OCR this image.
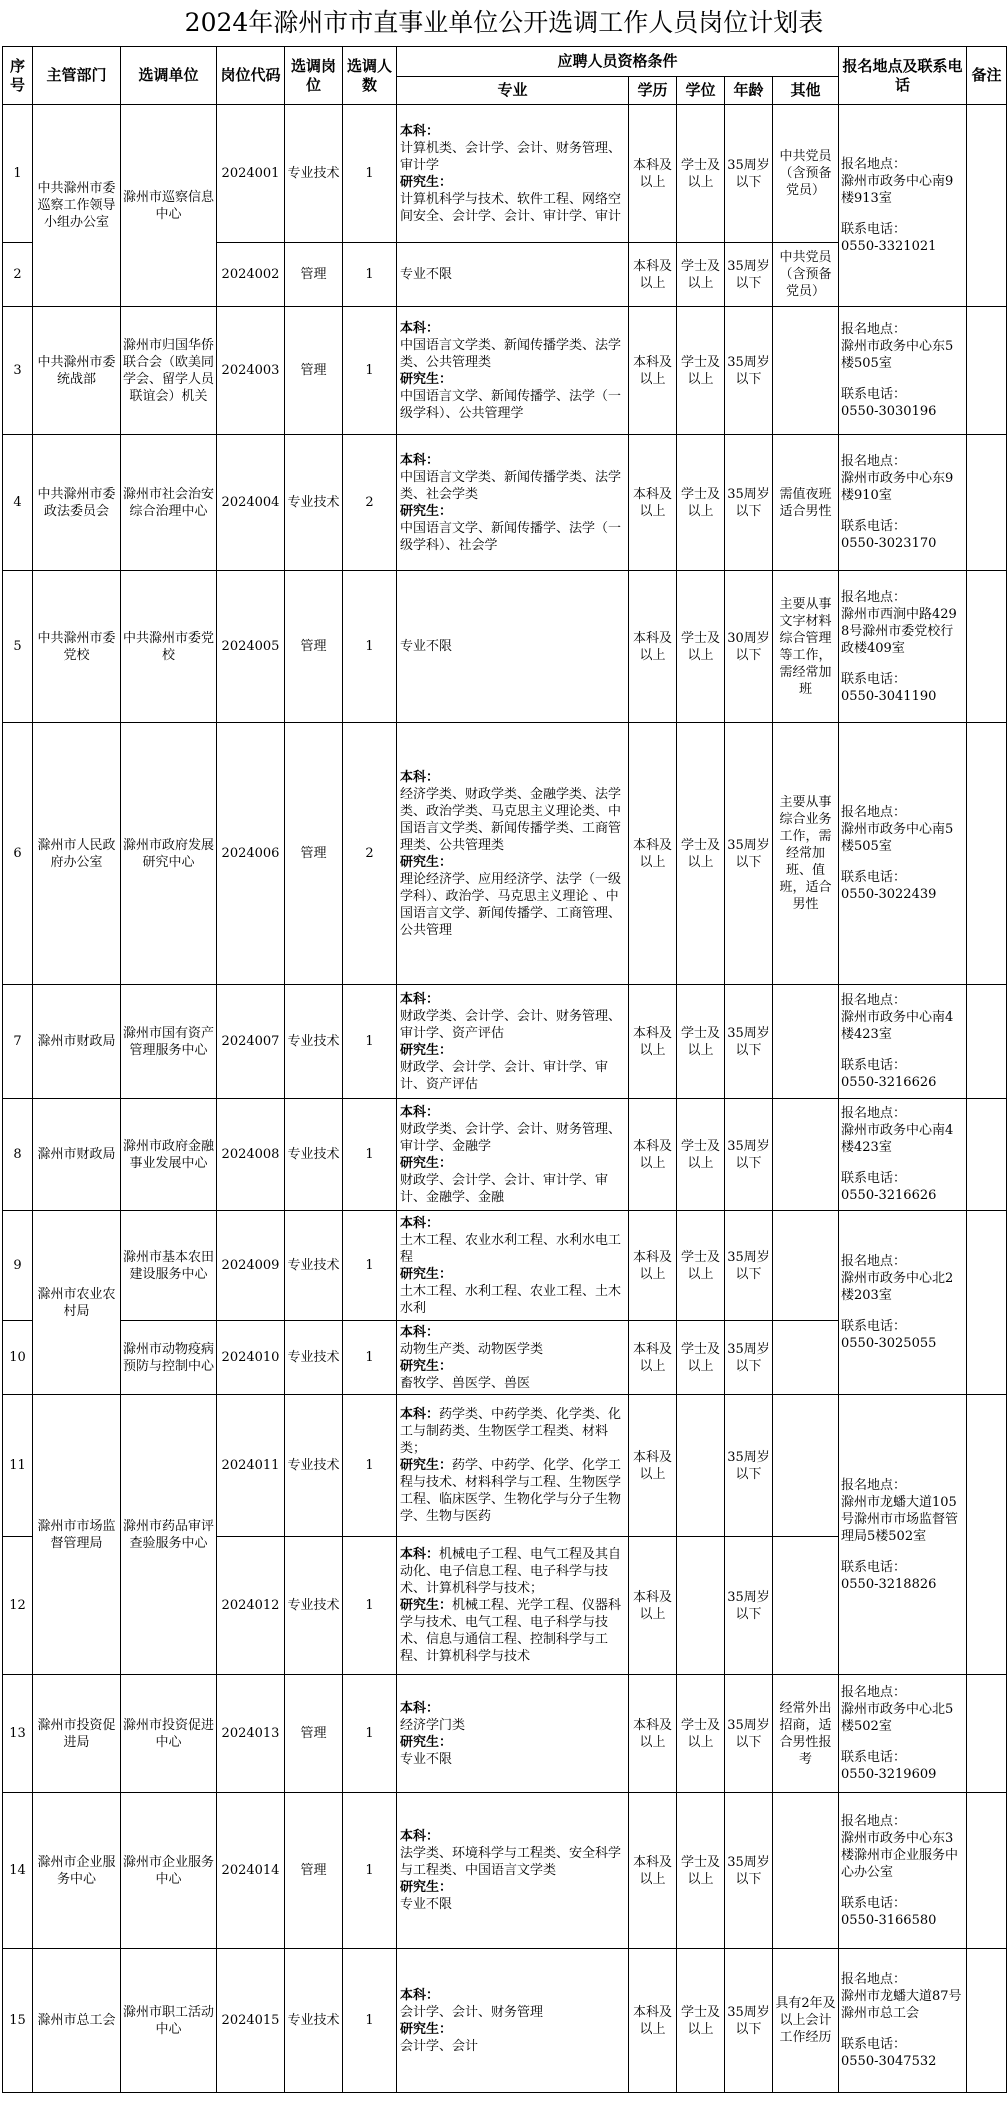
2024年滁州市市直事业单位公开选调工作人员岗位计划表
序号	主管部门	选调单位	岗位代码	选调岗位	选调人数	应聘人员资格条件					报名地点及联系电话	备注
						专业	学历	学位	年龄	其他		
1	中共滁州市委巡察工作领导小组办公室	滁州市巡察信息中心	2024001	专业技术	1	本科：
计算机类、会计学、会计、财务管理、审计学
研究生：
计算机科学与技术、软件工程、网络空间安全、会计学、会计、审计学、审计	本科及以上	学士及以上	35周岁以下	中共党员（含预备党员）	报名地点：
滁州市政务中心南9楼913室
联系电话：
0550-3321021	
2			2024002	管理	1	专业不限	本科及以上	学士及以上	35周岁以下	中共党员（含预备党员）		
3	中共滁州市委统战部	滁州市归国华侨联合会（欧美同学会、留学人员联谊会）机关	2024003	管理	1	本科：
中国语言文学类、新闻传播学类、法学类、公共管理类
研究生：
中国语言文学、新闻传播学、法学（一级学科）、公共管理学	本科及以上	学士及以上	35周岁以下		报名地点：
滁州市政务中心东5楼505室
联系电话：
0550-3030196	
4	中共滁州市委政法委员会	滁州市社会治安综合治理中心	2024004	专业技术	2	本科：
中国语言文学类、新闻传播学类、法学类、社会学类
研究生：
中国语言文学、新闻传播学、法学（一级学科）、社会学	本科及以上	学士及以上	35周岁以下	需值夜班适合男性	报名地点：
滁州市政务中心东9楼910室
联系电话：
0550-3023170	
5	中共滁州市委党校	中共滁州市委党校	2024005	管理	1	专业不限	本科及以上	学士及以上	30周岁以下	主要从事文字材料综合管理等工作，需经常加班	报名地点：
滁州市西涧中路4298号滁州市委党校行政楼409室
联系电话：
0550-3041190	
6	滁州市人民政府办公室	滁州市政府发展研究中心	2024006	管理	2	本科：
经济学类、财政学类、金融学类、法学类、政治学类、马克思主义理论类、中国语言文学类、新闻传播学类、工商管理类、公共管理类
研究生：
理论经济学、应用经济学、法学（一级学科）、政治学、马克思主义理论 、中国语言文学、新闻传播学、工商管理、公共管理	本科及以上	学士及以上	35周岁以下	主要从事综合业务工作，需经常加班、值班，适合男性	报名地点：
滁州市政务中心南5楼505室
联系电话：
0550-3022439	
7	滁州市财政局	滁州市国有资产管理服务中心	2024007	专业技术	1	本科：
财政学类、会计学、会计、财务管理、审计学、资产评估
研究生：
财政学、会计学、会计、审计学、审计、资产评估	本科及以上	学士及以上	35周岁以下		报名地点：
滁州市政务中心南4楼423室
联系电话：
0550-3216626	
8	滁州市财政局	滁州市政府金融事业发展中心	2024008	专业技术	1	本科：
财政学类、会计学、会计、财务管理、审计学、金融学
研究生：
财政学、会计学、会计、审计学、审计、金融学、金融	本科及以上	学士及以上	35周岁以下		报名地点：
滁州市政务中心南4楼423室
联系电话：
0550-3216626	
9	滁州市农业农村局	滁州市基本农田建设服务中心	2024009	专业技术	1	本科：
土木工程、农业水利工程、水利水电工程
研究生：
土木工程、水利工程、农业工程、土木水利	本科及以上	学士及以上	35周岁以下		报名地点：
滁州市政务中心北2楼203室
联系电话：
0550-3025055	
10		滁州市动物疫病预防与控制中心	2024010	专业技术	1	本科：
动物生产类、动物医学类
研究生：
畜牧学、兽医学、兽医	本科及以上	学士及以上	35周岁以下			
11	滁州市市场监督管理局	滁州市药品审评查验服务中心	2024011	专业技术	1	本科：药学类、中药学类、化学类、化工与制药类、生物医学工程类、材料类；
研究生：药学、中药学、化学、化学工程与技术、材料科学与工程、生物医学工程、临床医学、生物化学与分子生物学、生物与医药	本科及以上		35周岁以下		报名地点：
滁州市龙蟠大道105号滁州市市场监督管理局5楼502室
联系电话：
0550-3218826	
12			2024012	专业技术	1	本科：机械电子工程、电气工程及其自动化、电子信息工程、电子科学与技术、计算机科学与技术；
研究生：机械工程、光学工程、仪器科学与技术、电气工程、电子科学与技术、信息与通信工程、控制科学与工程、计算机科学与技术	本科及以上		35周岁以下			
13	滁州市投资促进局	滁州市投资促进中心	2024013	管理	1	本科：
经济学门类
研究生：
专业不限	本科及以上	学士及以上	35周岁以下	经常外出招商，适合男性报考	报名地点：
滁州市政务中心北5楼502室
联系电话：
0550-3219609	
14	滁州市企业服务中心	滁州市企业服务中心	2024014	管理	1	本科：
法学类、环境科学与工程类、安全科学与工程类、中国语言文学类
研究生：
专业不限	本科及以上	学士及以上	35周岁以下		报名地点：
滁州市政务中心东3楼滁州市企业服务中心办公室
联系电话：
0550-3166580	
15	滁州市总工会	滁州市职工活动中心	2024015	专业技术	1	本科：
会计学、会计、财务管理
研究生：
会计学、会计	本科及以上	学士及以上	35周岁以下	具有2年及以上会计工作经历	报名地点：
滁州市龙蟠大道87号滁州市总工会
联系电话：
0550-3047532	
